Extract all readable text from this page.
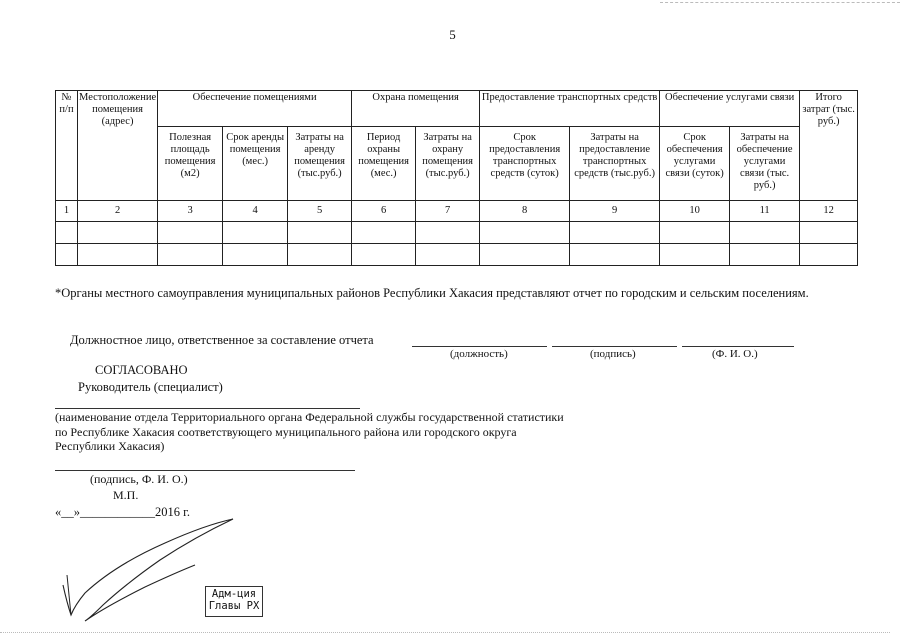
5
№ п/п	Местоположение помещения (адрес)	Обеспечение помещениями			Охрана помещения		Предоставление транспортных средств		Обеспечение услугами связи		Итого затрат (тыс. руб.)
		Полезная площадь помещения (м2)	Срок аренды помещения (мес.)	Затраты на аренду помещения (тыс.руб.)	Период охраны помещения (мес.)	Затраты на охрану помещения (тыс.руб.)	Срок предоставления транспортных средств (суток)	Затраты на предоставление транспортных средств (тыс.руб.)	Срок обеспечения услугами связи (суток)	Затраты на обеспечение услугами связи (тыс. руб.)	
1	2	3	4	5	6	7	8	9	10	11	12

*Органы местного самоуправления муниципальных районов Республики Хакасия представляют отчет по городским и сельским поселениям.
Должностное лицо, ответственное за составление отчета
(должность)	(подпись)	(Ф. И. О.)
СОГЛАСОВАНО
Руководитель (специалист)
(наименование отдела Территориального органа Федеральной службы государственной статистики по Республике Хакасия соответствующего муниципального района или городского округа Республики Хакасия)
(подпись, Ф. И. О.)
М.П.
«__»____________2016 г.
Адм-ция
Главы РХ
